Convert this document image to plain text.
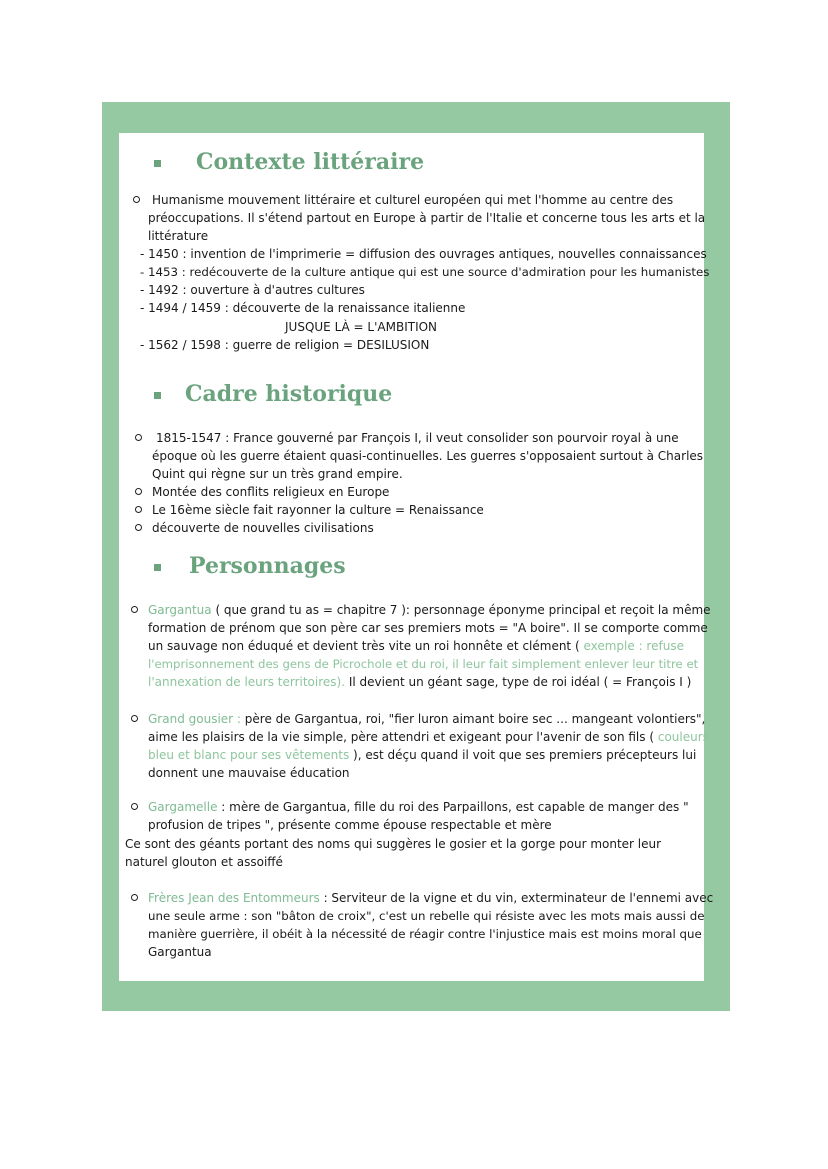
Contexte littéraire
Humanisme mouvement littéraire et culturel européen qui met l'homme au centre des
préoccupations. Il s'étend partout en Europe à partir de l'Italie et concerne tous les arts et la
littérature
- 1450 : invention de l'imprimerie = diffusion des ouvrages antiques, nouvelles connaissances
- 1453 : redécouverte de la culture antique qui est une source d'admiration pour les humanistes
- 1492 : ouverture à d'autres cultures
- 1494 / 1459 : découverte de la renaissance italienne
JUSQUE LÀ = L'AMBITION
- 1562 / 1598 : guerre de religion = DESILUSION
Cadre historique
1815-1547 : France gouverné par François I, il veut consolider son pourvoir royal à une
époque où les guerre étaient quasi-continuelles. Les guerres s'opposaient surtout à Charles
Quint qui règne sur un très grand empire.
Montée des conflits religieux en Europe
Le 16ème siècle fait rayonner la culture = Renaissance
découverte de nouvelles civilisations
Personnages
Gargantua ( que grand tu as = chapitre 7 ): personnage éponyme principal et reçoit la même
formation de prénom que son père car ses premiers mots = "A boire". Il se comporte comme
un sauvage non éduqué et devient très vite un roi honnête et clément ( exemple : refuse
l'emprisonnement des gens de Picrochole et du roi, il leur fait simplement enlever leur titre et
l'annexation de leurs territoires). Il devient un géant sage, type de roi idéal ( = François I )
Grand gousier : père de Gargantua, roi, "fier luron aimant boire sec ... mangeant volontiers",
aime les plaisirs de la vie simple, père attendri et exigeant pour l'avenir de son fils ( couleurs
bleu et blanc pour ses vêtements ), est déçu quand il voit que ses premiers précepteurs lui
donnent une mauvaise éducation
Gargamelle : mère de Gargantua, fille du roi des Parpaillons, est capable de manger des "
profusion de tripes ", présente comme épouse respectable et mère
Ce sont des géants portant des noms qui suggères le gosier et la gorge pour monter leur
naturel glouton et assoiffé
Frères Jean des Entommeurs : Serviteur de la vigne et du vin, exterminateur de l'ennemi avec
une seule arme : son "bâton de croix", c'est un rebelle qui résiste avec les mots mais aussi de
manière guerrière, il obéit à la nécessité de réagir contre l'injustice mais est moins moral que
Gargantua
